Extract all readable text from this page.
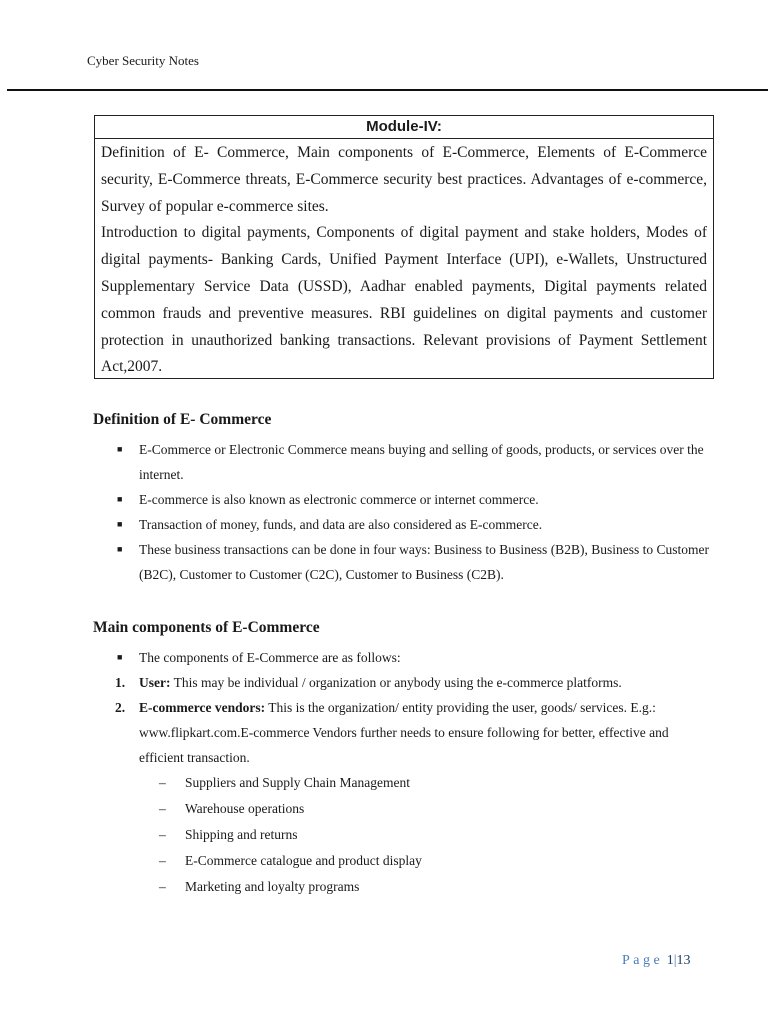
Cyber Security Notes
Module-IV:

Definition of E- Commerce, Main components of E-Commerce, Elements of E-Commerce security, E-Commerce threats, E-Commerce security best practices. Advantages of e-commerce, Survey of popular e-commerce sites.

Introduction to digital payments, Components of digital payment and stake holders, Modes of digital payments- Banking Cards, Unified Payment Interface (UPI), e-Wallets, Unstructured Supplementary Service Data (USSD), Aadhar enabled payments, Digital payments related common frauds and preventive measures. RBI guidelines on digital payments and customer protection in unauthorized banking transactions. Relevant provisions of Payment Settlement Act,2007.

Definition of E- Commerce
■ E-Commerce or Electronic Commerce means buying and selling of goods, products, or services over the internet.
■ E-commerce is also known as electronic commerce or internet commerce.
■ Transaction of money, funds, and data are also considered as E-commerce.
■ These business transactions can be done in four ways: Business to Business (B2B), Business to Customer (B2C), Customer to Customer (C2C), Customer to Business (C2B).
Main components of E-Commerce
■ The components of E-Commerce are as follows:
1. User: This may be individual / organization or anybody using the e-commerce platforms.
2. E-commerce vendors: This is the organization/ entity providing the user, goods/ services. E.g.: www.flipkart.com.E-commerce Vendors further needs to ensure following for better, effective and efficient transaction.
– Suppliers and Supply Chain Management
– Warehouse operations
– Shipping and returns
– E-Commerce catalogue and product display
– Marketing and loyalty programs
Page 1|13
